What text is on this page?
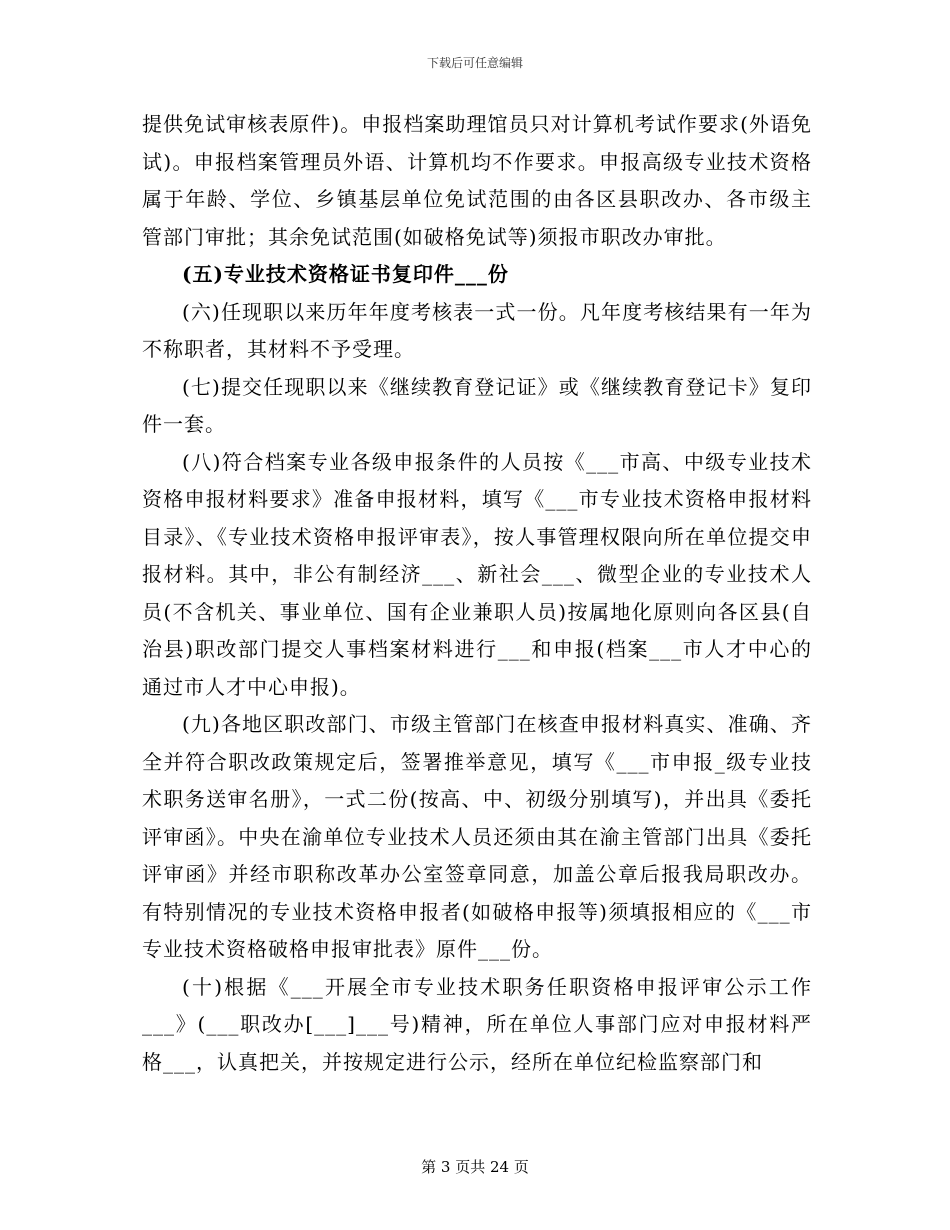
下载后可任意编辑

提供免试审核表原件)。申报档案助理馆员只对计算机考试作要求(外语免试)。申报档案管理员外语、计算机均不作要求。申报高级专业技术资格属于年龄、学位、乡镇基层单位免试范围的由各区县职改办、各市级主管部门审批；其余免试范围(如破格免试等)须报市职改办审批。

(五)专业技术资格证书复印件___份

(六)任现职以来历年年度考核表一式一份。凡年度考核结果有一年为不称职者，其材料不予受理。

(七)提交任现职以来《继续教育登记证》或《继续教育登记卡》复印件一套。

(八)符合档案专业各级申报条件的人员按《___市高、中级专业技术资格申报材料要求》准备申报材料，填写《___市专业技术资格申报材料目录》、《专业技术资格申报评审表》，按人事管理权限向所在单位提交申报材料。其中，非公有制经济___、新社会___、微型企业的专业技术人员(不含机关、事业单位、国有企业兼职人员)按属地化原则向各区县(自治县)职改部门提交人事档案材料进行___和申报(档案___市人才中心的通过市人才中心申报)。

(九)各地区职改部门、市级主管部门在核查申报材料真实、准确、齐全并符合职改政策规定后，签署推举意见，填写《___市申报_级专业技术职务送审名册》，一式二份(按高、中、初级分别填写)，并出具《委托评审函》。中央在渝单位专业技术人员还须由其在渝主管部门出具《委托评审函》并经市职称改革办公室签章同意，加盖公章后报我局职改办。有特别情况的专业技术资格申报者(如破格申报等)须填报相应的《___市专业技术资格破格申报审批表》原件___份。

(十)根据《___开展全市专业技术职务任职资格申报评审公示工作___》(___职改办[___]___号)精神，所在单位人事部门应对申报材料严格___，认真把关，并按规定进行公示，经所在单位纪检监察部门和

第 3 页共 24 页
